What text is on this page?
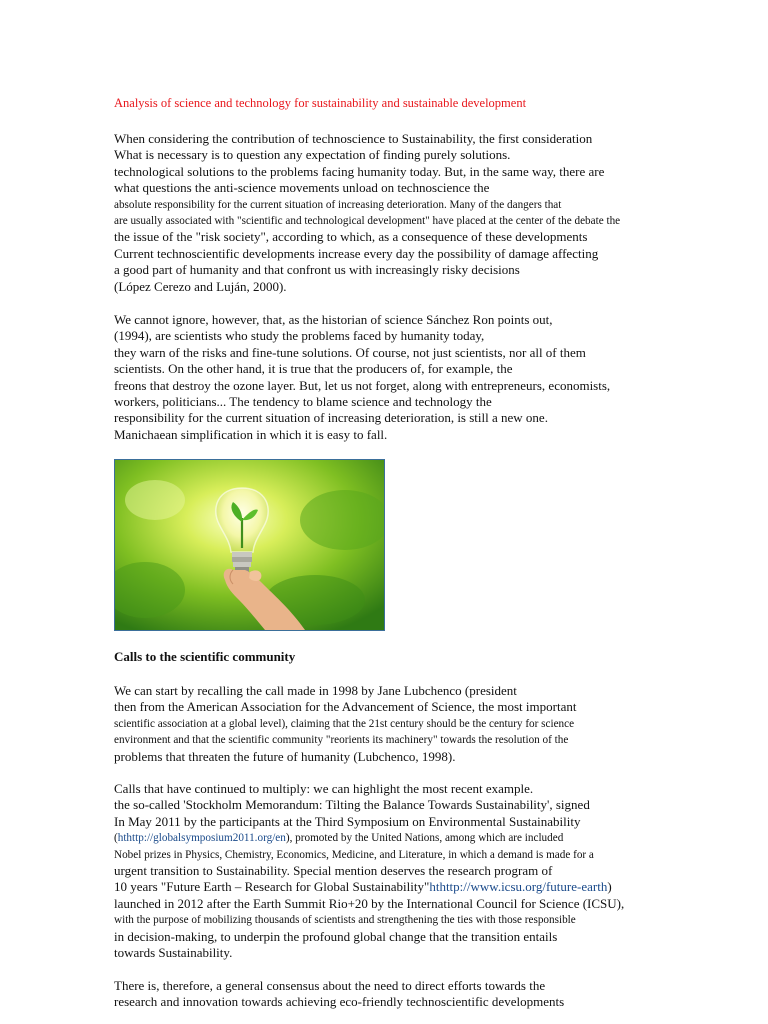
Analysis of science and technology for sustainability and sustainable development
When considering the contribution of technoscience to Sustainability, the first consideration
What is necessary is to question any expectation of finding purely solutions.
technological solutions to the problems facing humanity today. But, in the same way, there are
what questions the anti-science movements unload on technoscience the
absolute responsibility for the current situation of increasing deterioration. Many of the dangers that
are usually associated with "scientific and technological development" have placed at the center of the debate the
the issue of the "risk society", according to which, as a consequence of these developments
Current technoscientific developments increase every day the possibility of damage affecting
a good part of humanity and that confront us with increasingly risky decisions
(López Cerezo and Luján, 2000).
We cannot ignore, however, that, as the historian of science Sánchez Ron points out,
(1994), are scientists who study the problems faced by humanity today,
they warn of the risks and fine-tune solutions. Of course, not just scientists, nor all of them
scientists. On the other hand, it is true that the producers of, for example, the
freons that destroy the ozone layer. But, let us not forget, along with entrepreneurs, economists,
workers, politicians... The tendency to blame science and technology the
responsibility for the current situation of increasing deterioration, is still a new one.
Manichaean simplification in which it is easy to fall.
Calls to the scientific community
We can start by recalling the call made in 1998 by Jane Lubchenco (president
then from the American Association for the Advancement of Science, the most important
scientific association at a global level), claiming that the 21st century should be the century for science
environment and that the scientific community "reorients its machinery" towards the resolution of the
problems that threaten the future of humanity (Lubchenco, 1998).
Calls that have continued to multiply: we can highlight the most recent example.
the so-called 'Stockholm Memorandum: Tilting the Balance Towards Sustainability', signed
In May 2011 by the participants at the Third Symposium on Environmental Sustainability
(hthttp://globalsymposium2011.org/en), promoted by the United Nations, among which are included
Nobel prizes in Physics, Chemistry, Economics, Medicine, and Literature, in which a demand is made for a
urgent transition to Sustainability. Special mention deserves the research program of
10 years "Future Earth – Research for Global Sustainability"hthttp://www.icsu.org/future-earth)
launched in 2012 after the Earth Summit Rio+20 by the International Council for Science (ICSU),
with the purpose of mobilizing thousands of scientists and strengthening the ties with those responsible
in decision-making, to underpin the profound global change that the transition entails
towards Sustainability.
There is, therefore, a general consensus about the need to direct efforts towards the
research and innovation towards achieving eco-friendly technoscientific developments
